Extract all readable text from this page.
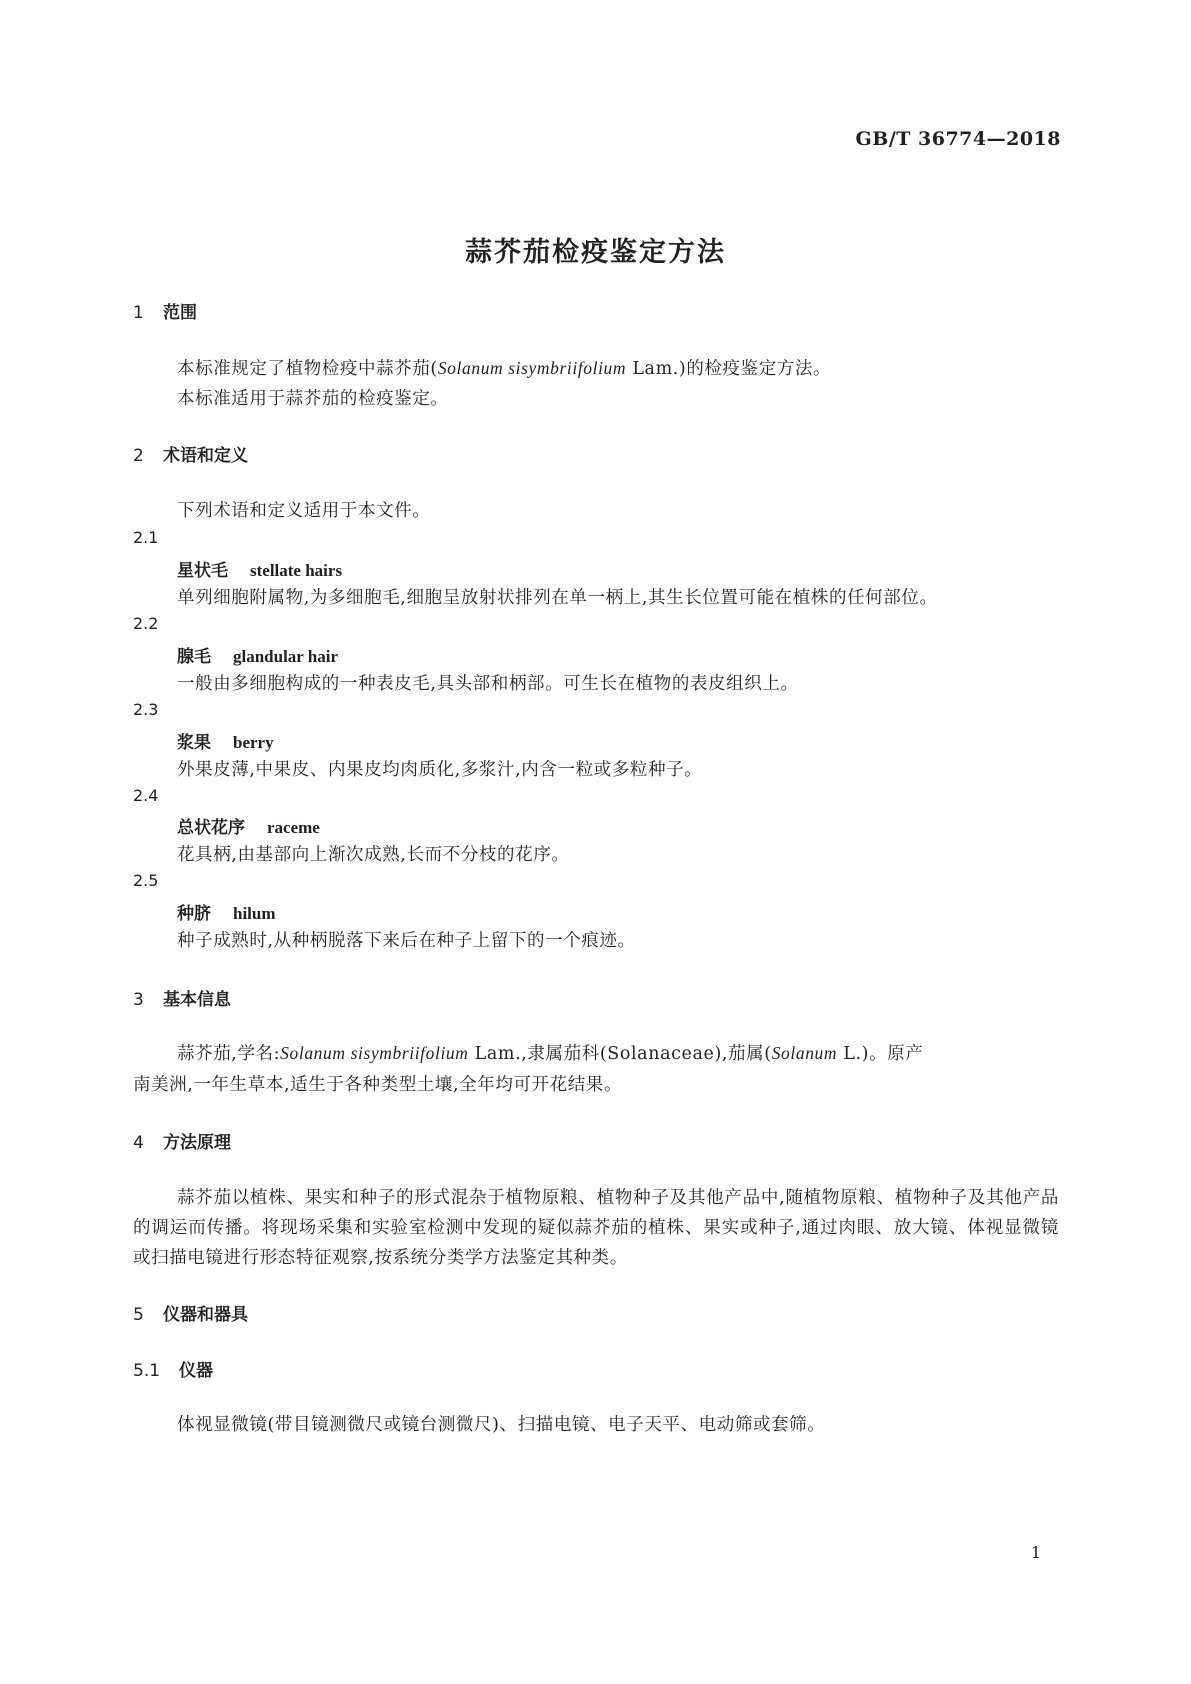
GB/T 36774—2018
蒜芥茄检疫鉴定方法
1 范围
本标准规定了植物检疫中蒜芥茄(Solanum sisymbriifolium Lam.)的检疫鉴定方法。
本标准适用于蒜芥茄的检疫鉴定。
2 术语和定义
下列术语和定义适用于本文件。
2.1
星状毛 stellate hairs
单列细胞附属物,为多细胞毛,细胞呈放射状排列在单一柄上,其生长位置可能在植株的任何部位。
2.2
腺毛 glandular hair
一般由多细胞构成的一种表皮毛,具头部和柄部。可生长在植物的表皮组织上。
2.3
浆果 berry
外果皮薄,中果皮、内果皮均肉质化,多浆汁,内含一粒或多粒种子。
2.4
总状花序 raceme
花具柄,由基部向上渐次成熟,长而不分枝的花序。
2.5
种脐 hilum
种子成熟时,从种柄脱落下来后在种子上留下的一个痕迹。
3 基本信息
蒜芥茄,学名:Solanum sisymbriifolium Lam.,隶属茄科(Solanaceae),茄属(Solanum L.)。原产
南美洲,一年生草本,适生于各种类型土壤,全年均可开花结果。
4 方法原理
蒜芥茄以植株、果实和种子的形式混杂于植物原粮、植物种子及其他产品中,随植物原粮、植物种子及其他产品的调运而传播。将现场采集和实验室检测中发现的疑似蒜芥茄的植株、果实或种子,通过肉眼、放大镜、体视显微镜或扫描电镜进行形态特征观察,按系统分类学方法鉴定其种类。
5 仪器和器具
5.1 仪器
体视显微镜(带目镜测微尺或镜台测微尺)、扫描电镜、电子天平、电动筛或套筛。
1
